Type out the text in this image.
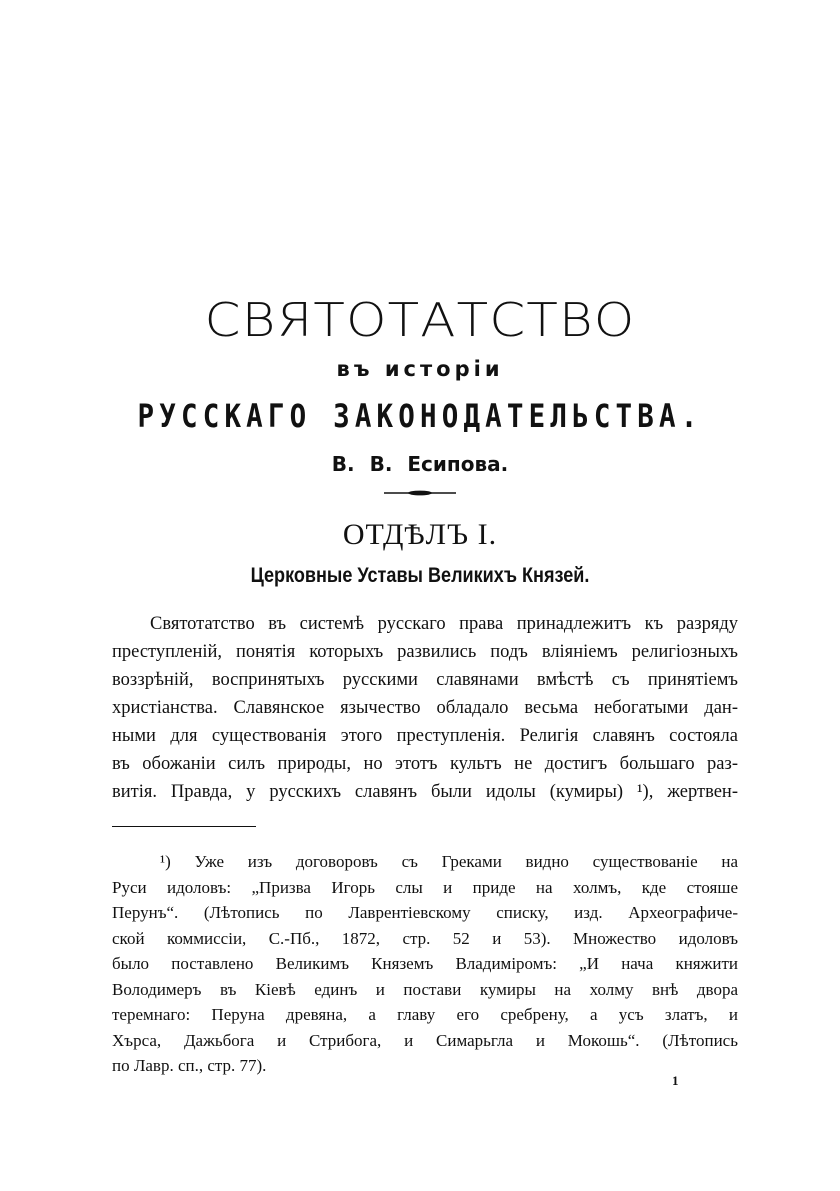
СВЯТОТАТСТВО
въ исторіи
РУССКАГО ЗАКОНОДАТЕЛЬСТВА.
В. В. Есипова.
ОТДѢЛЪ I.
Церковные Уставы Великихъ Князей.
Святотатство въ системѣ русскаго права принадлежитъ къ разряду
преступленій, понятія которыхъ развились подъ вліяніемъ религіозныхъ
воззрѣній, воспринятыхъ русскими славянами вмѣстѣ съ принятіемъ
христіанства. Славянское язычество обладало весьма небогатыми дан-
ными для существованія этого преступленія. Религія славянъ состояла
въ обожаніи силъ природы, но этотъ культъ не достигъ большаго раз-
витія. Правда, у русскихъ славянъ были идолы (кумиры) ¹), жертвен-
¹) Уже изъ договоровъ съ Греками видно существованіе на
Руси идоловъ: „Призва Игорь слы и приде на холмъ, кде стояше
Перунъ“. (Лѣтопись по Лаврентіевскому списку, изд. Археографиче-
ской коммиссіи, С.-Пб., 1872, стр. 52 и 53). Множество идоловъ
было поставлено Великимъ Княземъ Владиміромъ: „И нача княжити
Володимеръ въ Кіевѣ единъ и постави кумиры на холму внѣ двора
теремнаго: Перуна древяна, а главу его сребрену, а усъ златъ, и
Хърса, Дажьбога и Стрибога, и Симарьгла и Мокошь“. (Лѣтопись
по Лавр. сп., стр. 77).
1
